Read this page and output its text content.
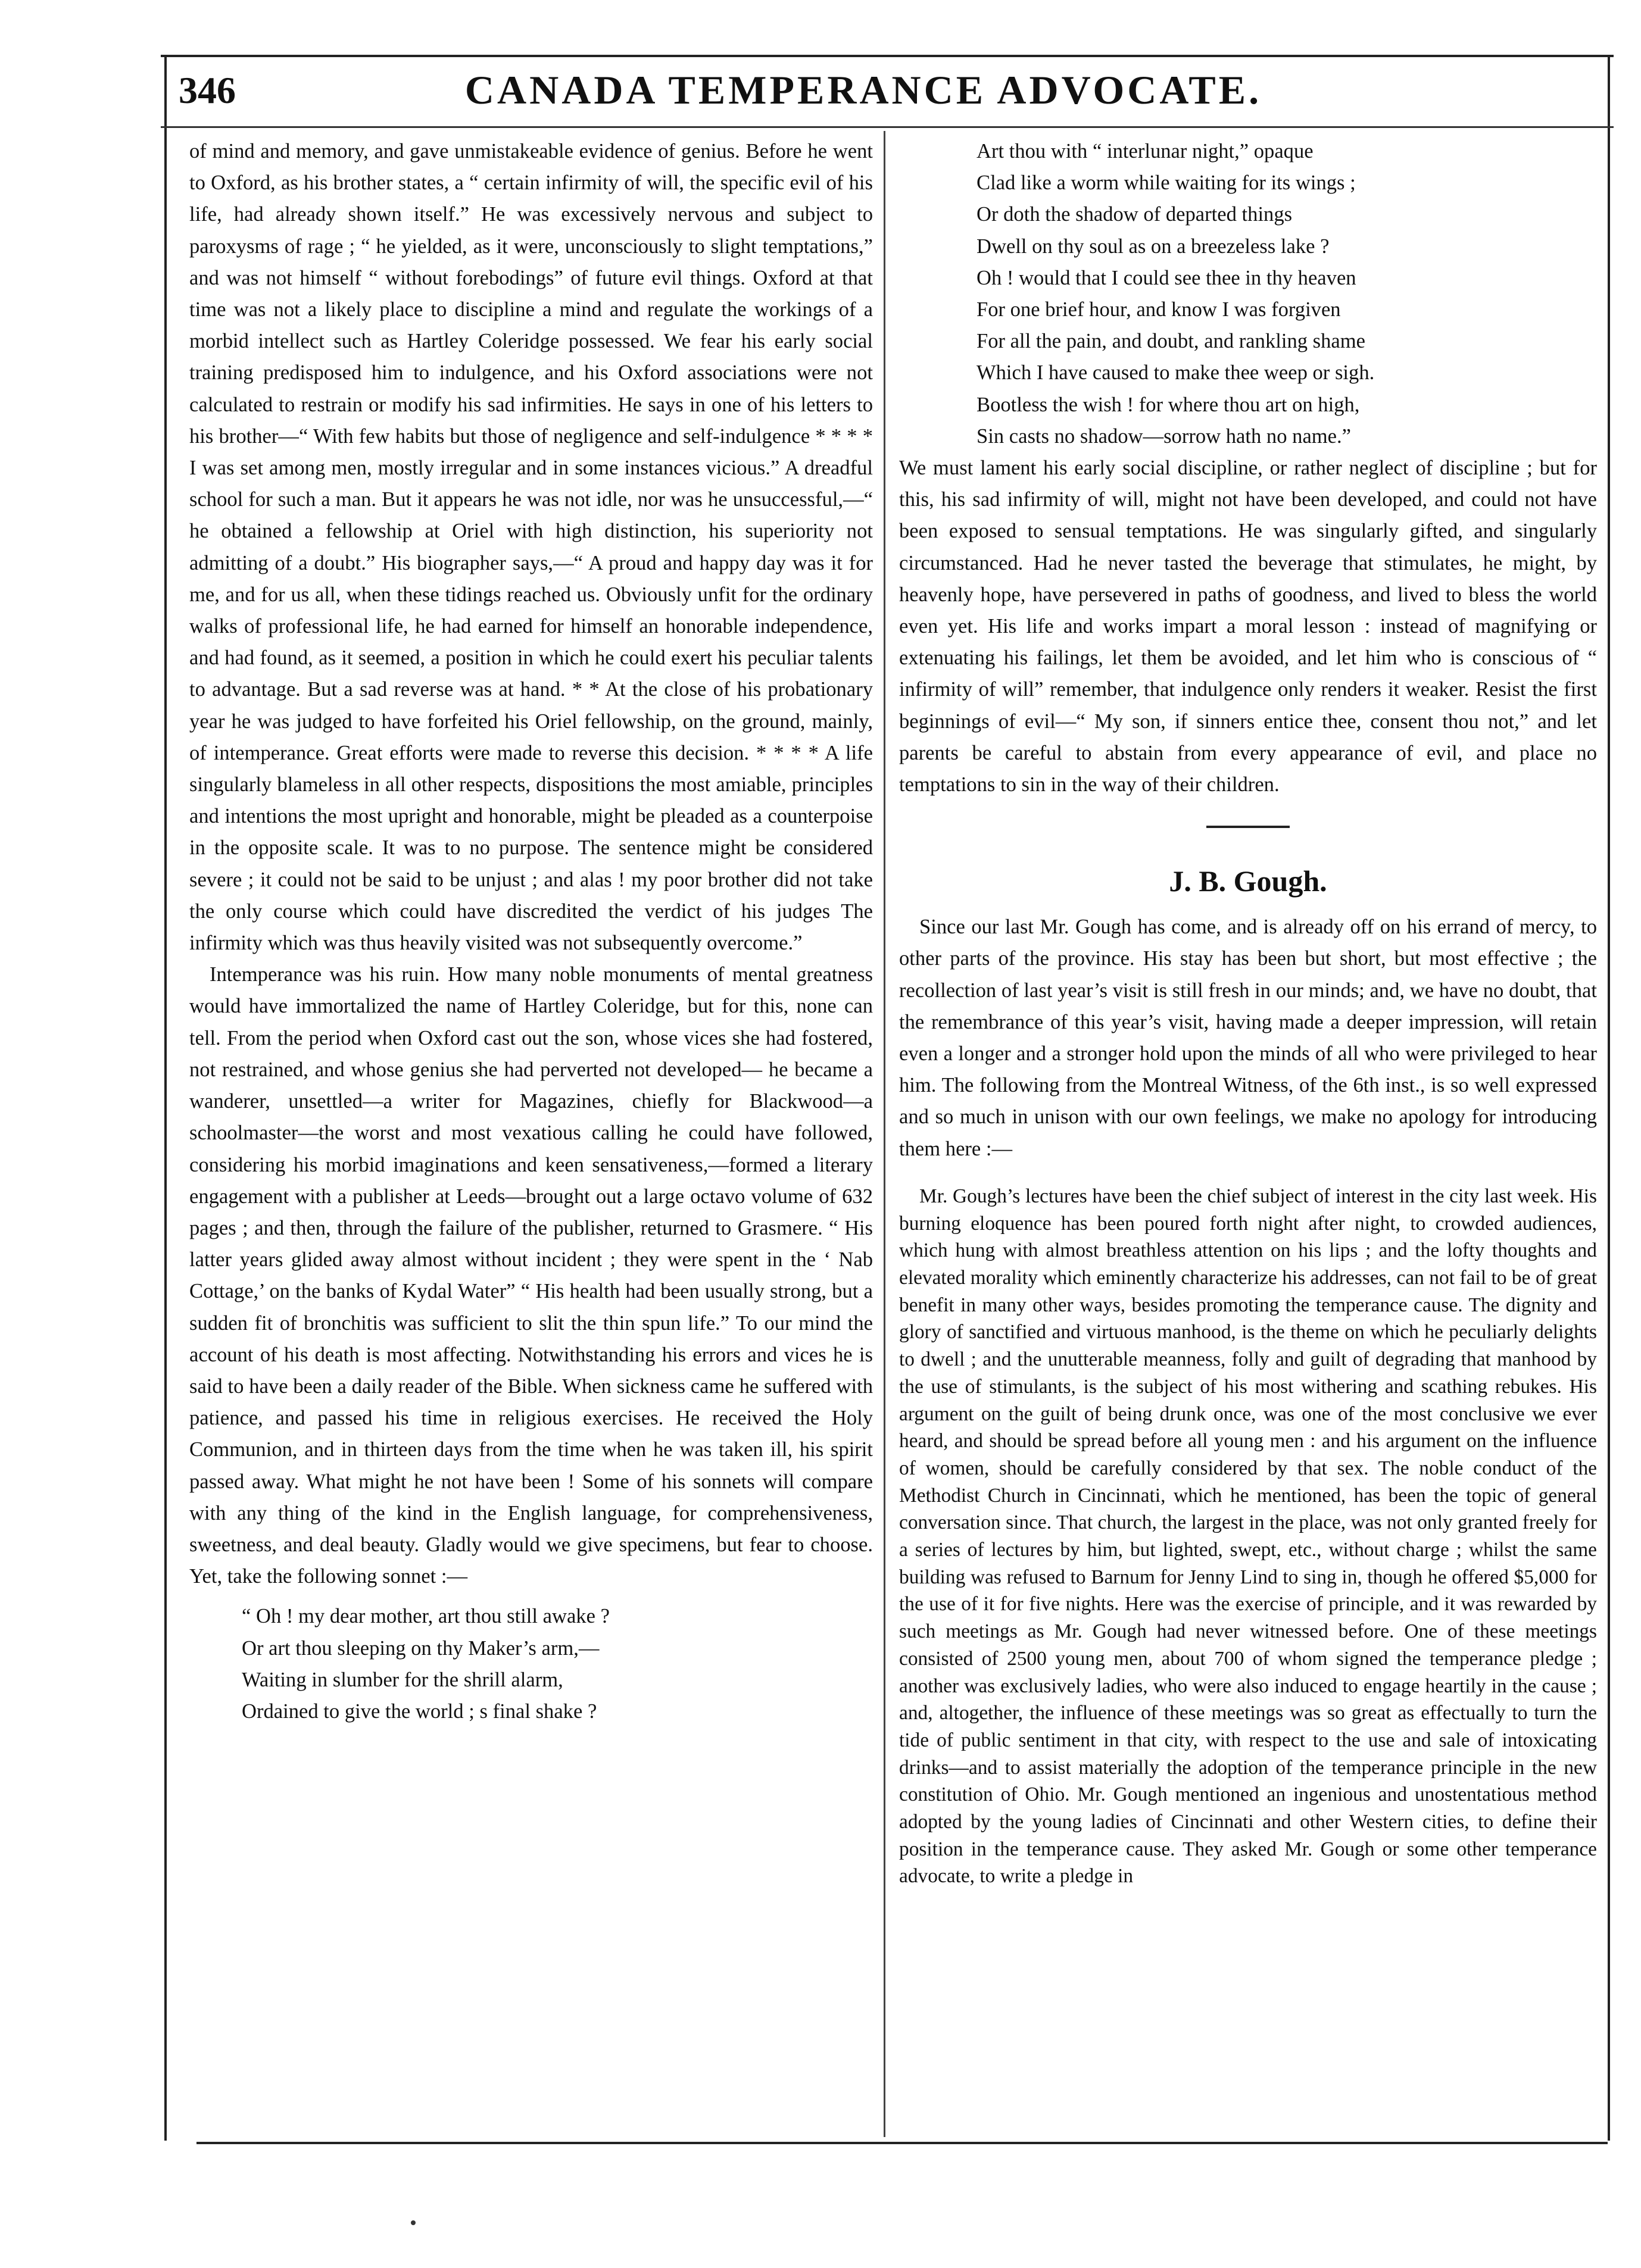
346	CANADA TEMPERANCE ADVOCATE.

of mind and memory, and gave unmistakeable evidence of genius. Before he went to Oxford, as his brother states, a “ certain infirmity of will, the specific evil of his life, had already shown itself.” He was excessively nervous and subject to paroxysms of rage ; “ he yielded, as it were, unconsciously to slight temptations,” and was not himself “ without forebodings” of future evil things. Oxford at that time was not a likely place to discipline a mind and regulate the workings of a morbid intellect such as Hartley Coleridge possessed. We fear his early social training predisposed him to indulgence, and his Oxford associations were not calculated to restrain or modify his sad infirmities. He says in one of his letters to his brother—“ With few habits but those of negligence and self-indulgence * * * * I was set among men, mostly irregular and in some instances vicious.” A dreadful school for such a man. But it appears he was not idle, nor was he unsuccessful,—“ he obtained a fellowship at Oriel with high distinction, his superiority not admitting of a doubt.” His biographer says,—“ A proud and happy day was it for me, and for us all, when these tidings reached us. Obviously unfit for the ordinary walks of professional life, he had earned for himself an honorable independence, and had found, as it seemed, a position in which he could exert his peculiar talents to advantage. But a sad reverse was at hand. * * At the close of his probationary year he was judged to have forfeited his Oriel fellowship, on the ground, mainly, of intemperance. Great efforts were made to reverse this decision. * * * * A life singularly blameless in all other respects, dispositions the most amiable, principles and intentions the most upright and honorable, might be pleaded as a counterpoise in the opposite scale. It was to no purpose. The sentence might be considered severe ; it could not be said to be unjust ; and alas ! my poor brother did not take the only course which could have discredited the verdict of his judges The infirmity which was thus heavily visited was not subsequently overcome.”

Intemperance was his ruin. How many noble monuments of mental greatness would have immortalized the name of Hartley Coleridge, but for this, none can tell. From the period when Oxford cast out the son, whose vices she had fostered, not restrained, and whose genius she had perverted not developed— he became a wanderer, unsettled—a writer for Magazines, chiefly for Blackwood—a schoolmaster—the worst and most vexatious calling he could have followed, considering his morbid imaginations and keen sensativeness,—formed a literary engagement with a publisher at Leeds—brought out a large octavo volume of 632 pages ; and then, through the failure of the publisher, returned to Grasmere. “ His latter years glided away almost without incident ; they were spent in the ‘ Nab Cottage,’ on the banks of Kydal Water” “ His health had been usually strong, but a sudden fit of bronchitis was sufficient to slit the thin spun life.” To our mind the account of his death is most affecting. Notwithstanding his errors and vices he is said to have been a daily reader of the Bible. When sickness came he suffered with patience, and passed his time in religious exercises. He received the Holy Communion, and in thirteen days from the time when he was taken ill, his spirit passed away. What might he not have been ! Some of his sonnets will compare with any thing of the kind in the English language, for comprehensiveness, sweetness, and deal beauty. Gladly would we give specimens, but fear to choose. Yet, take the following sonnet :—

“ Oh ! my dear mother, art thou still awake ?
Or art thou sleeping on thy Maker’s arm,—
Waiting in slumber for the shrill alarm,
Ordained to give the world ; s final shake ?
Art thou with “ interlunar night,” opaque
Clad like a worm while waiting for its wings ;
Or doth the shadow of departed things
Dwell on thy soul as on a breezeless lake ?
Oh ! would that I could see thee in thy heaven
For one brief hour, and know I was forgiven
For all the pain, and doubt, and rankling shame
Which I have caused to make thee weep or sigh.
Bootless the wish ! for where thou art on high,
Sin casts no shadow—sorrow hath no name.”

We must lament his early social discipline, or rather neglect of discipline ; but for this, his sad infirmity of will, might not have been developed, and could not have been exposed to sensual temptations. He was singularly gifted, and singularly circumstanced. Had he never tasted the beverage that stimulates, he might, by heavenly hope, have persevered in paths of goodness, and lived to bless the world even yet. His life and works impart a moral lesson : instead of magnifying or extenuating his failings, let them be avoided, and let him who is conscious of “ infirmity of will” remember, that indulgence only renders it weaker. Resist the first beginnings of evil—“ My son, if sinners entice thee, consent thou not,” and let parents be careful to abstain from every appearance of evil, and place no temptations to sin in the way of their children.

J. B. Gough.

Since our last Mr. Gough has come, and is already off on his errand of mercy, to other parts of the province. His stay has been but short, but most effective ; the recollection of last year’s visit is still fresh in our minds; and, we have no doubt, that the remembrance of this year’s visit, having made a deeper impression, will retain even a longer and a stronger hold upon the minds of all who were privileged to hear him. The following from the Montreal Witness, of the 6th inst., is so well expressed and so much in unison with our own feelings, we make no apology for introducing them here :—

Mr. Gough’s lectures have been the chief subject of interest in the city last week. His burning eloquence has been poured forth night after night, to crowded audiences, which hung with almost breathless attention on his lips ; and the lofty thoughts and elevated morality which eminently characterize his addresses, can not fail to be of great benefit in many other ways, besides promoting the temperance cause. The dignity and glory of sanctified and virtuous manhood, is the theme on which he peculiarly delights to dwell ; and the unutterable meanness, folly and guilt of degrading that manhood by the use of stimulants, is the subject of his most withering and scathing rebukes. His argument on the guilt of being drunk once, was one of the most conclusive we ever heard, and should be spread before all young men : and his argument on the influence of women, should be carefully considered by that sex. The noble conduct of the Methodist Church in Cincinnati, which he mentioned, has been the topic of general conversation since. That church, the largest in the place, was not only granted freely for a series of lectures by him, but lighted, swept, etc., without charge ; whilst the same building was refused to Barnum for Jenny Lind to sing in, though he offered $5,000 for the use of it for five nights. Here was the exercise of principle, and it was rewarded by such meetings as Mr. Gough had never witnessed before. One of these meetings consisted of 2500 young men, about 700 of whom signed the temperance pledge ; another was exclusively ladies, who were also induced to engage heartily in the cause ; and, altogether, the influence of these meetings was so great as effectually to turn the tide of public sentiment in that city, with respect to the use and sale of intoxicating drinks—and to assist materially the adoption of the temperance principle in the new constitution of Ohio. Mr. Gough mentioned an ingenious and unostentatious method adopted by the young ladies of Cincinnati and other Western cities, to define their position in the temperance cause. They asked Mr. Gough or some other temperance advocate, to write a pledge in
